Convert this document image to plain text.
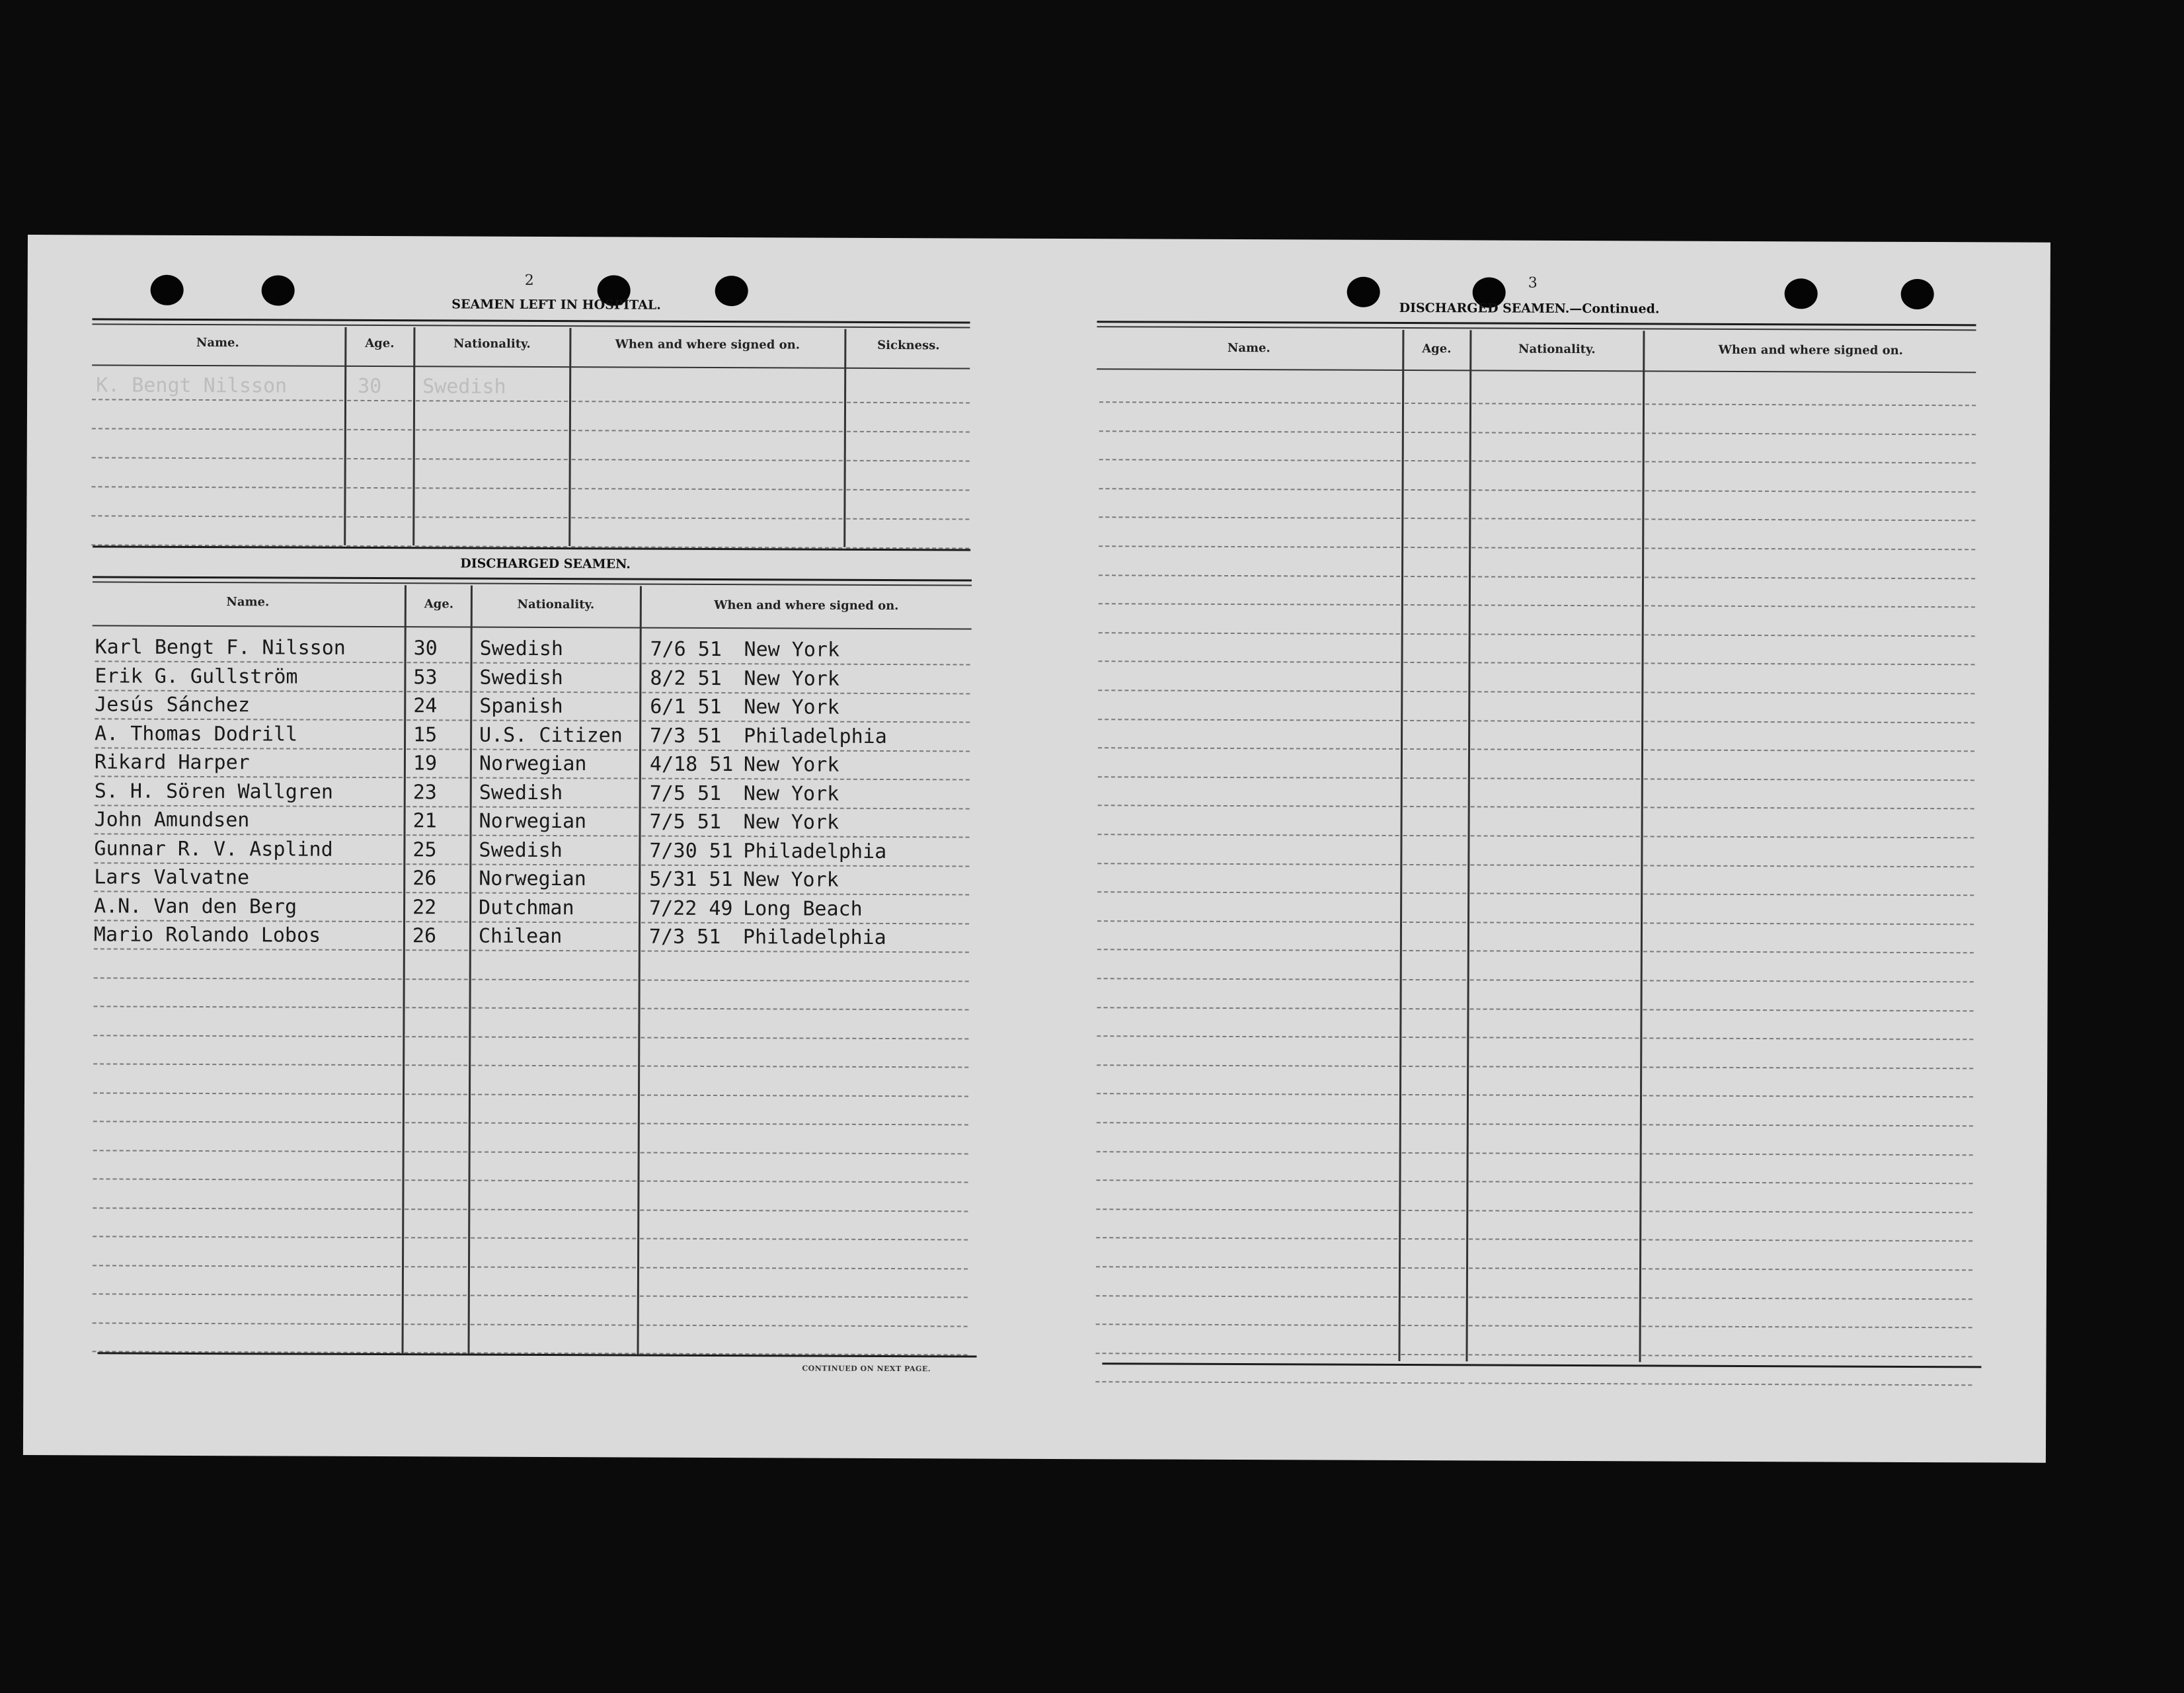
2
SEAMEN LEFT IN HOSPITAL.
Name.	Age.	Nationality.	When and where signed on.	Sickness.
K. Bengt Nilsson	30 Swedish
DISCHARGED SEAMEN.
Name.	Age.	Nationality.	When and where signed on.
Karl Bengt F. Nilsson	30 Swedish	7/6 51 New York
Erik G. Gullström	53 Swedish	8/2 51 New York
Jesús Sánchez	24 Spanish	6/1 51 New York
A. Thomas Dodrill	15 U.S. Citizen 7/3 51 Philadelphia
Rikard Harper	19 Norwegian	4/18 51 New York
S. H. Sören Wallgren	23 Swedish	7/5 51 New York
John Amundsen	21 Norwegian	7/5 51 New York
Gunnar R. V. Asplind	25 Swedish	7/30 51 Philadelphia
Lars Valvatne	26 Norwegian	5/31 51 New York
A.N. Van den Berg	22 Dutchman	7/22 49 Long Beach
Mario Rolando Lobos	26 Chilean	7/3 51 Philadelphia
CONTINUED ON NEXT PAGE.
3
DISCHARGED SEAMEN.—Continued.
Name.	Age.	Nationality.	When and where signed on.
